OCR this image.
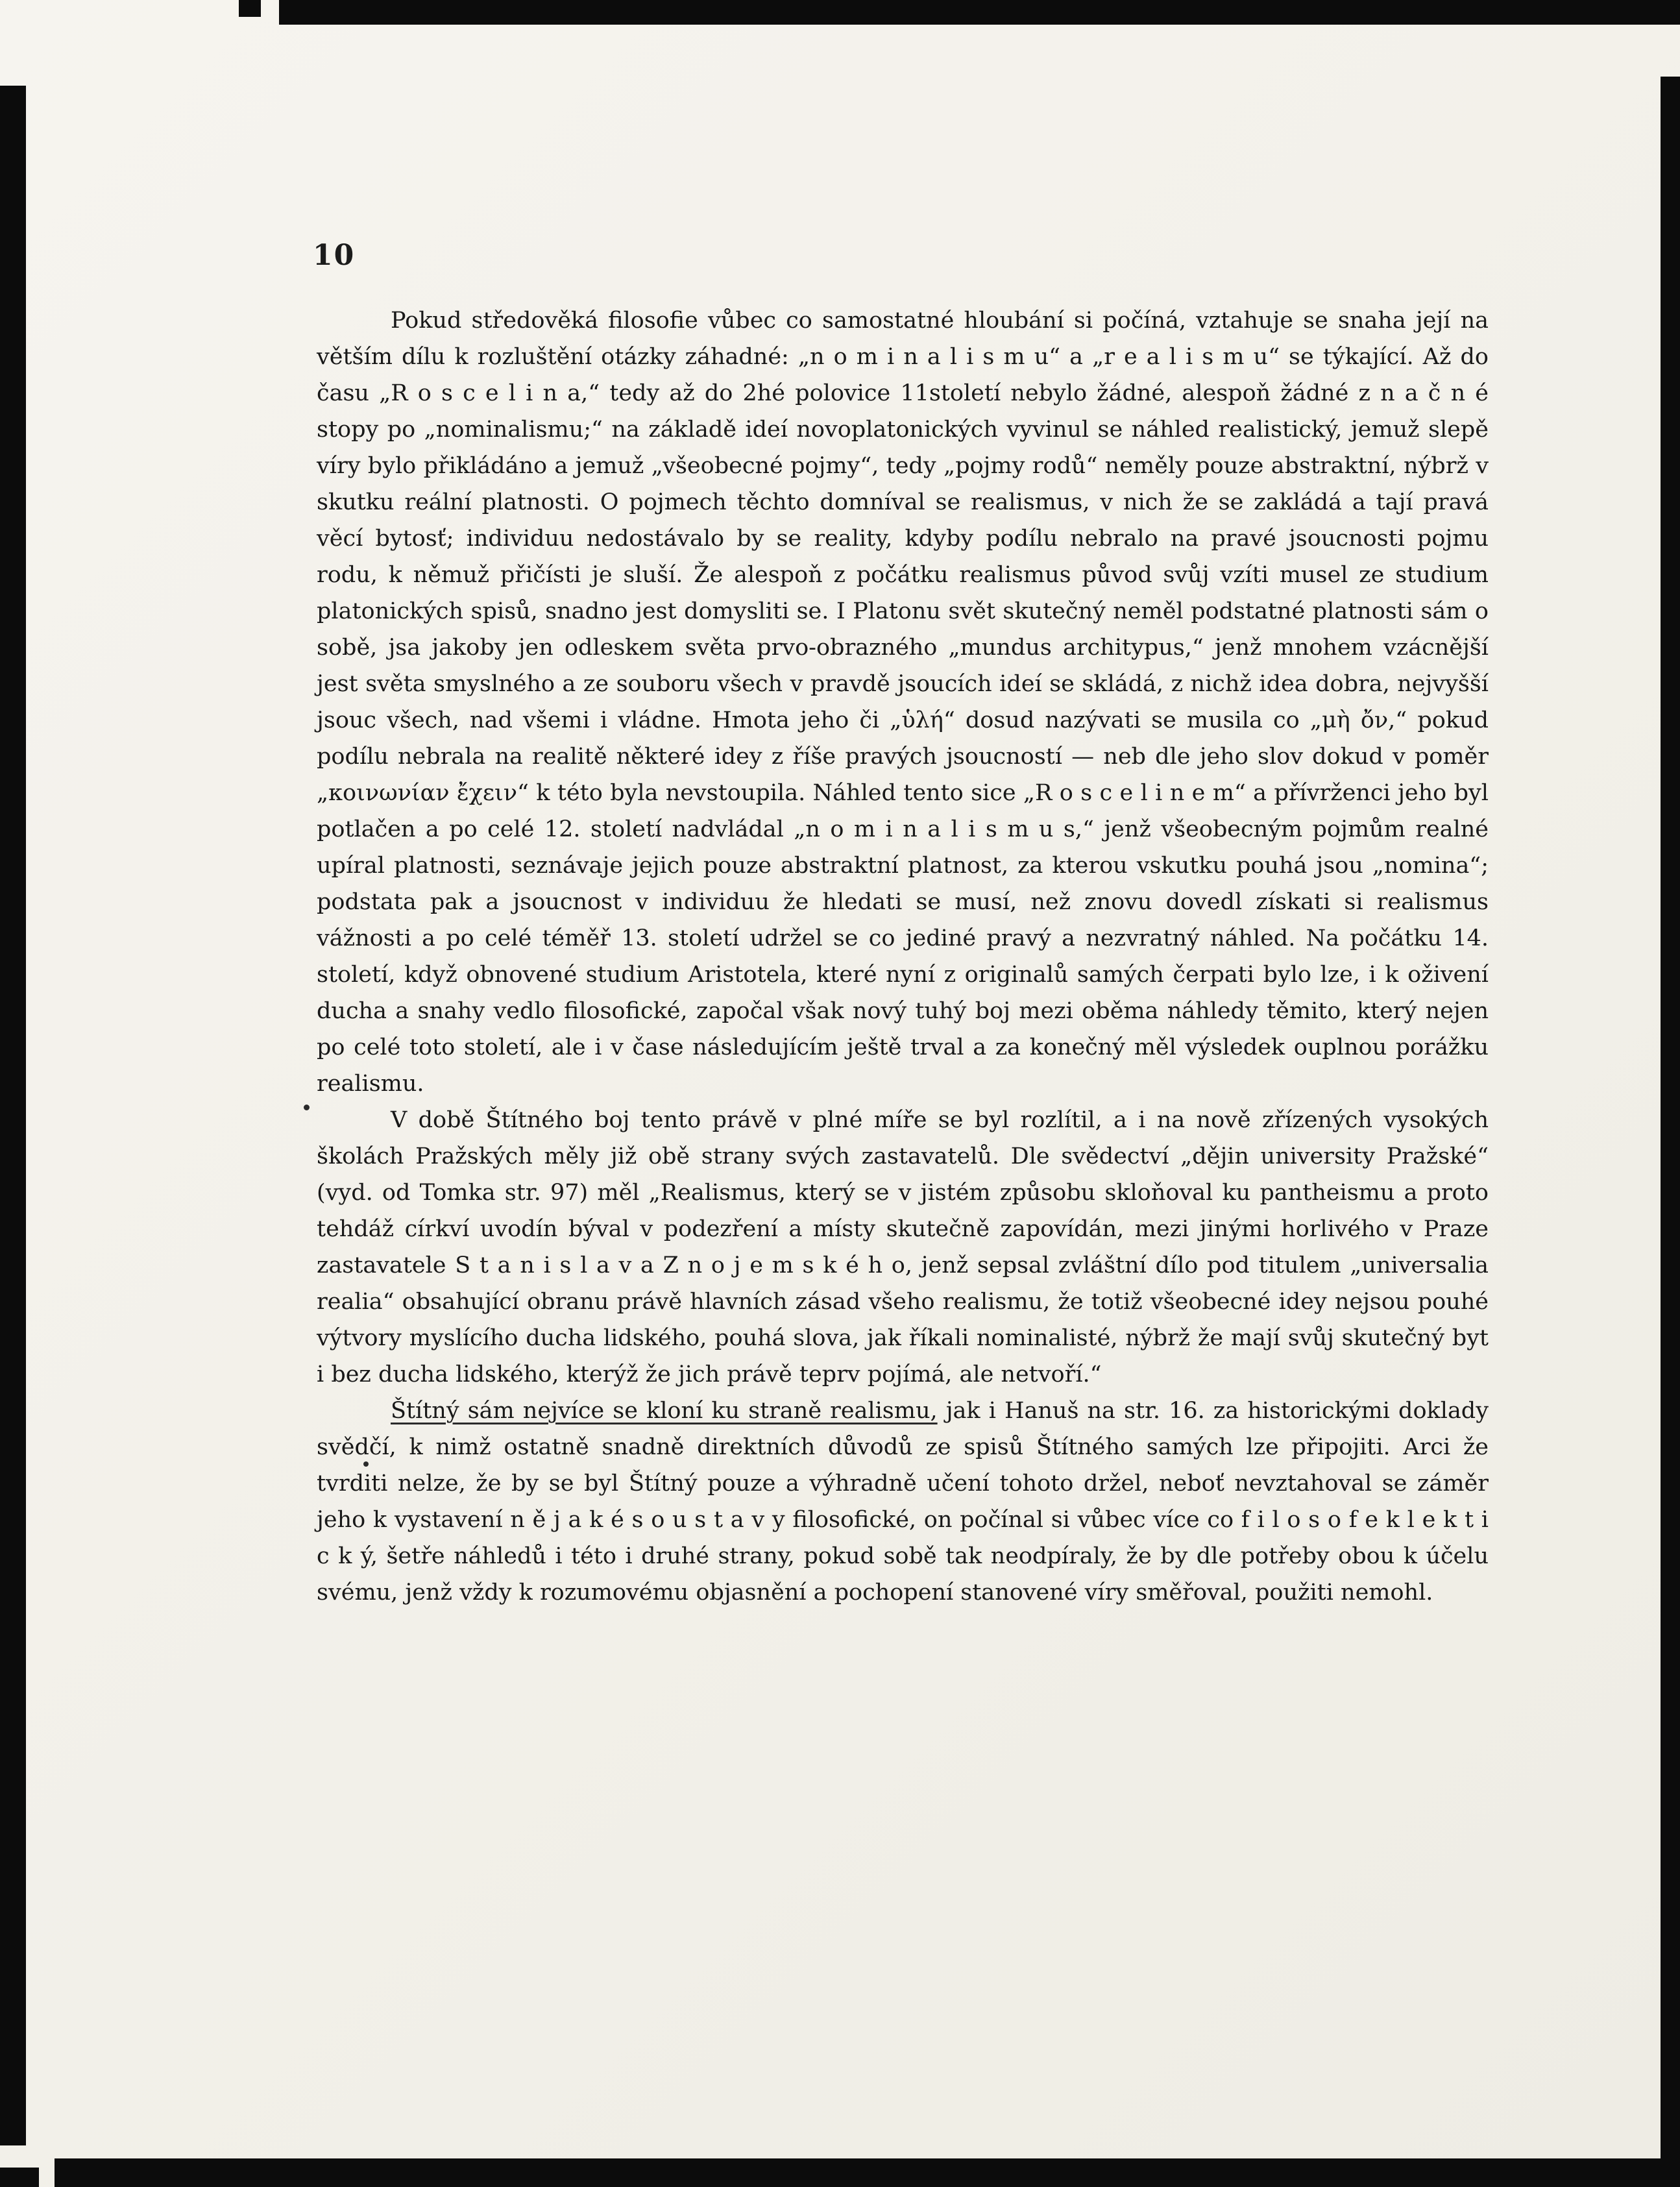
10

Pokud středověká filosofie vůbec co samostatné hloubání si počíná, vztahuje se snaha její na větším dílu k rozluštění otázky záhadné: „n o m i n a l i s m u“ a „r e a l i s m u“ se týkající. Až do času „R o s c e l i n a,“ tedy až do 2hé polovice 11století nebylo žádné, alespoň žádné z n a č n é stopy po „nominalismu;“ na základě ideí novoplatonických vyvinul se náhled realistický, jemuž slepě víry bylo přikládáno a jemuž „všeobecné pojmy“, tedy „pojmy rodů“ neměly pouze abstraktní, nýbrž v skutku reální platnosti. O pojmech těchto domníval se realismus, v nich že se zakládá a tají pravá věcí bytosť; individuu nedostávalo by se reality, kdyby podílu nebralo na pravé jsoucnosti pojmu rodu, k němuž přičísti je sluší. Že alespoň z počátku realismus původ svůj vzíti musel ze studium platonických spisů, snadno jest domysliti se. I Platonu svět skutečný neměl podstatné platnosti sám o sobě, jsa jakoby jen odleskem světa prvo-obrazného „mundus architypus,“ jenž mnohem vzácnější jest světa smyslného a ze souboru všech v pravdě jsoucích ideí se skládá, z nichž idea dobra, nejvyšší jsouc všech, nad všemi i vládne. Hmota jeho či „ὑλή“ dosud nazývati se musila co „μὴ ὄν,“ pokud podílu nebrala na realitě některé idey z říše pravých jsoucností — neb dle jeho slov dokud v poměr „κοινωνίαν ἔχειν“ k této byla nevstoupila. Náhled tento sice „R o s c e l i n e m“ a přívrženci jeho byl potlačen a po celé 12. století nadvládal „n o m i n a l i s m u s,“ jenž všeobecným pojmům realné upíral platnosti, seznávaje jejich pouze abstraktní platnost, za kterou vskutku pouhá jsou „nomina“; podstata pak a jsoucnost v individuu že hledati se musí, než znovu dovedl získati si realismus vážnosti a po celé téměř 13. století udržel se co jediné pravý a nezvratný náhled. Na počátku 14. století, když obnovené studium Aristotela, které nyní z originalů samých čerpati bylo lze, i k oživení ducha a snahy vedlo filosofické, započal však nový tuhý boj mezi oběma náhledy těmito, který nejen po celé toto století, ale i v čase následujícím ještě trval a za konečný měl výsledek ouplnou porážku realismu.

V době Štítného boj tento právě v plné míře se byl rozlítil, a i na nově zřízených vysokých školách Pražských měly již obě strany svých zastavatelů. Dle svědectví „dějin university Pražské“ (vyd. od Tomka str. 97) měl „Realismus, který se v jistém způsobu skloňoval ku pantheismu a proto tehdáž církví uvodín býval v podezření a místy skutečně zapovídán, mezi jinými horlivého v Praze zastavatele S t a n i s l a v a Z n o j e m s k é h o, jenž sepsal zvláštní dílo pod titulem „universalia realia“ obsahující obranu právě hlavních zásad všeho realismu, že totiž všeobecné idey nejsou pouhé výtvory myslícího ducha lidského, pouhá slova, jak říkali nominalisté, nýbrž že mají svůj skutečný byt i bez ducha lidského, kterýž že jich právě teprv pojímá, ale netvoří.“

Štítný sám nejvíce se kloní ku straně realismu, jak i Hanuš na str. 16. za historickými doklady svědčí, k nimž ostatně snadně direktních důvodů ze spisů Štítného samých lze připojiti. Arci že tvrditi nelze, že by se byl Štítný pouze a výhradně učení tohoto držel, neboť nevztahoval se záměr jeho k vystavení n ě j a k é s o u s t a v y filosofické, on počínal si vůbec více co f i l o s o f e k l e k t i c k ý, šetře náhledů i této i druhé strany, pokud sobě tak neodpíraly, že by dle potřeby obou k účelu svému, jenž vždy k rozumovému objasnění a pochopení stanovené víry směřoval, použiti nemohl.
